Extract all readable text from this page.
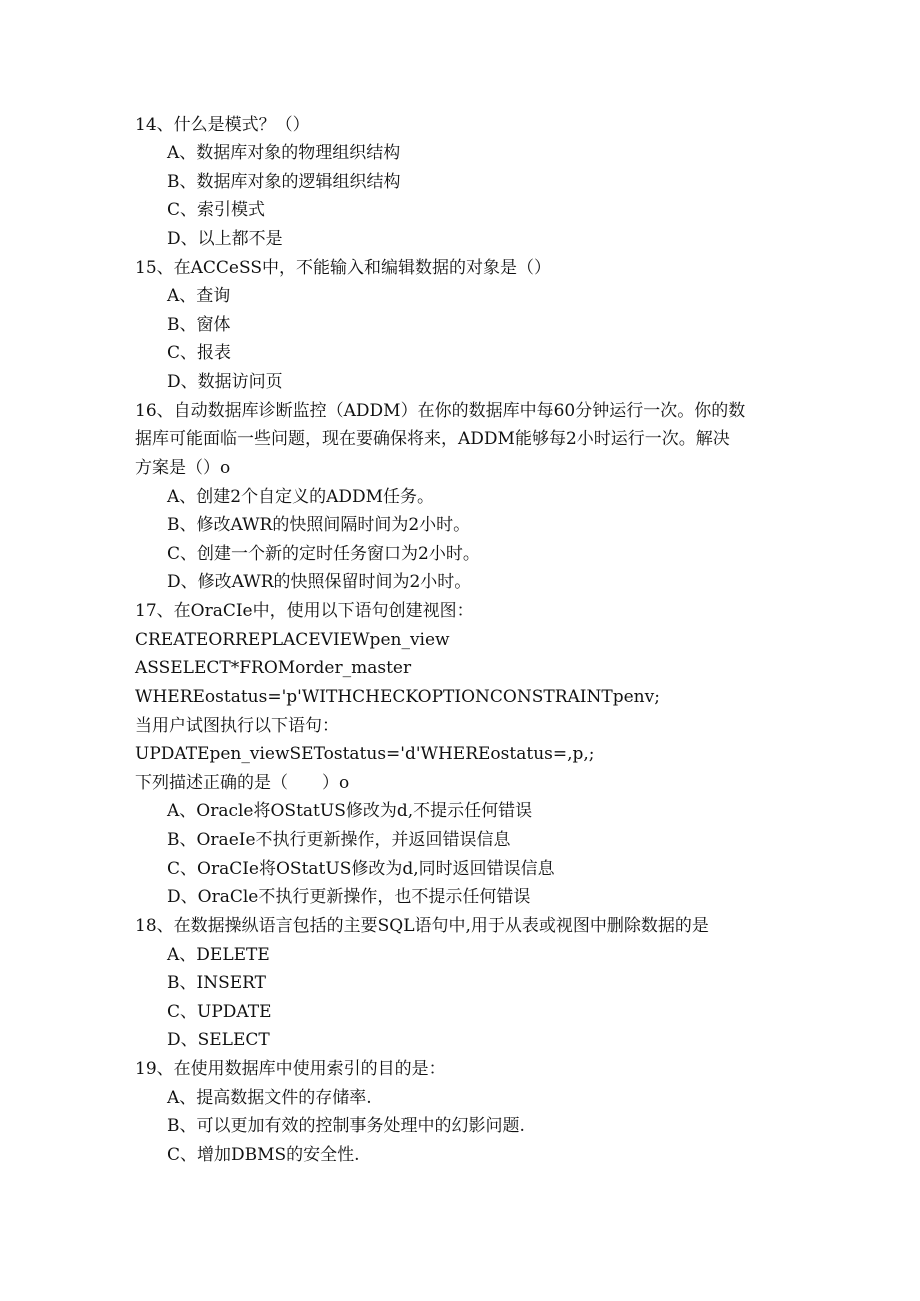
14、什么是模式？（）
A、数据库对象的物理组织结构
B、数据库对象的逻辑组织结构
C、索引模式
D、以上都不是
15、在ACCeSS中，不能输入和编辑数据的对象是（）
A、查询
B、窗体
C、报表
D、数据访问页
16、自动数据库诊断监控（ADDM）在你的数据库中每60分钟运行一次。你的数
据库可能面临一些问题，现在要确保将来，ADDM能够每2小时运行一次。解决
方案是（）o
A、创建2个自定义的ADDM任务。
B、修改AWR的快照间隔时间为2小时。
C、创建一个新的定时任务窗口为2小时。
D、修改AWR的快照保留时间为2小时。
17、在OraCIe中，使用以下语句创建视图：
CREATEORREPLACEVIEWpen_view
ASSELECT*FROMorder_master
WHEREostatus='p'WITHCHECKOPTIONCONSTRAINTpenv;
当用户试图执行以下语句：
UPDATEpen_viewSETostatus='d'WHEREostatus=,p,;
下列描述正确的是（　　）o
A、Oracle将OStatUS修改为d,不提示任何错误
B、OraeIe不执行更新操作，并返回错误信息
C、OraCIe将OStatUS修改为d,同时返回错误信息
D、OraCle不执行更新操作，也不提示任何错误
18、在数据操纵语言包括的主要SQL语句中,用于从表或视图中删除数据的是
A、DELETE
B、INSERT
C、UPDATE
D、SELECT
19、在使用数据库中使用索引的目的是：
A、提高数据文件的存储率.
B、可以更加有效的控制事务处理中的幻影问题.
C、增加DBMS的安全性.
